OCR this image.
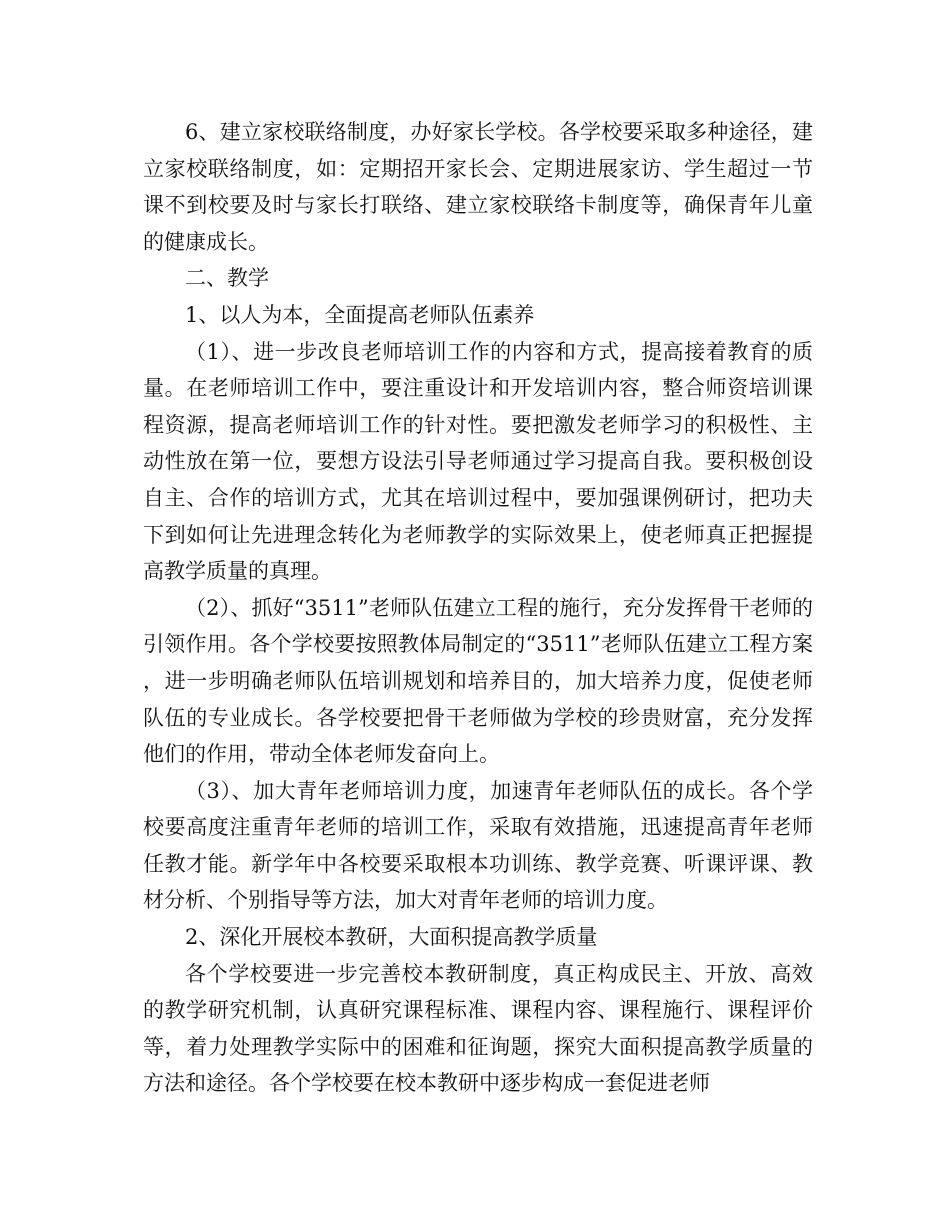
6、建立家校联络制度，办好家长学校。各学校要采取多种途径，建立家校联络制度，如：定期招开家长会、定期进展家访、学生超过一节课不到校要及时与家长打联络、建立家校联络卡制度等，确保青年儿童的健康成长。

二、教学

1、以人为本，全面提高老师队伍素养

（1）、进一步改良老师培训工作的内容和方式，提高接着教育的质量。在老师培训工作中，要注重设计和开发培训内容，整合师资培训课程资源，提高老师培训工作的针对性。要把激发老师学习的积极性、主动性放在第一位，要想方设法引导老师通过学习提高自我。要积极创设自主、合作的培训方式，尤其在培训过程中，要加强课例研讨，把功夫下到如何让先进理念转化为老师教学的实际效果上，使老师真正把握提高教学质量的真理。

（2）、抓好“3511”老师队伍建立工程的施行，充分发挥骨干老师的引领作用。各个学校要按照教体局制定的“3511”老师队伍建立工程方案，进一步明确老师队伍培训规划和培养目的，加大培养力度，促使老师队伍的专业成长。各学校要把骨干老师做为学校的珍贵财富，充分发挥他们的作用，带动全体老师发奋向上。

（3）、加大青年老师培训力度，加速青年老师队伍的成长。各个学校要高度注重青年老师的培训工作，采取有效措施，迅速提高青年老师任教才能。新学年中各校要采取根本功训练、教学竞赛、听课评课、教材分析、个别指导等方法，加大对青年老师的培训力度。

2、深化开展校本教研，大面积提高教学质量

各个学校要进一步完善校本教研制度，真正构成民主、开放、高效的教学研究机制，认真研究课程标准、课程内容、课程施行、课程评价等，着力处理教学实际中的困难和征询题，探究大面积提高教学质量的方法和途径。各个学校要在校本教研中逐步构成一套促进老师
